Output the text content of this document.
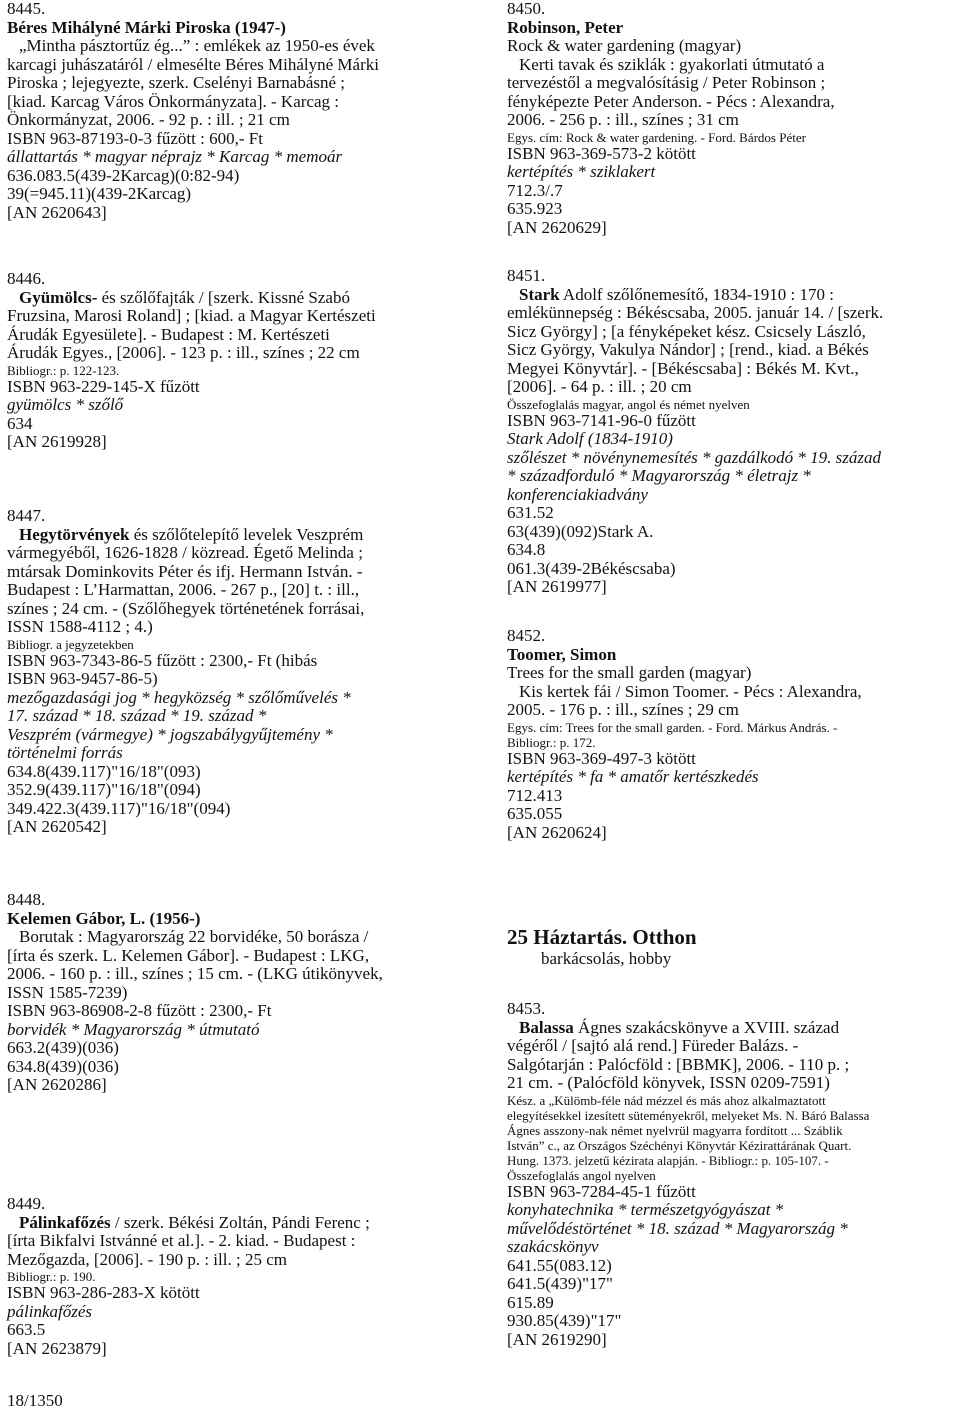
8445.
Béres Mihályné Márki Piroska (1947-)
„Mintha pásztortűz ég...” : emlékek az 1950-es évek
karcagi juhászatáról / elmesélte Béres Mihályné Márki
Piroska ; lejegyezte, szerk. Cselényi Barnabásné ;
[kiad. Karcag Város Önkormányzata]. - Karcag :
Önkormányzat, 2006. - 92 p. : ill. ; 21 cm
ISBN 963-87193-0-3 fűzött : 600,- Ft
állattartás * magyar néprajz * Karcag * memoár
636.083.5(439-2Karcag)(0:82-94)
39(=945.11)(439-2Karcag)
[AN 2620643]
8446.
Gyümölcs- és szőlőfajták / [szerk. Kissné Szabó
Fruzsina, Marosi Roland] ; [kiad. a Magyar Kertészeti
Árudák Egyesülete]. - Budapest : M. Kertészeti
Árudák Egyes., [2006]. - 123 p. : ill., színes ; 22 cm
Bibliogr.: p. 122-123.
ISBN 963-229-145-X fűzött
gyümölcs * szőlő
634
[AN 2619928]
8447.
Hegytörvények és szőlőtelepítő levelek Veszprém
vármegyéből, 1626-1828 / közread. Égető Melinda ;
mtársak Dominkovits Péter és ifj. Hermann István. -
Budapest : L’Harmattan, 2006. - 267 p., [20] t. : ill.,
színes ; 24 cm. - (Szőlőhegyek történetének forrásai,
ISSN 1588-4112 ; 4.)
Bibliogr. a jegyzetekben
ISBN 963-7343-86-5 fűzött : 2300,- Ft (hibás
ISBN 963-9457-86-5)
mezőgazdasági jog * hegyközség * szőlőművelés *
17. század * 18. század * 19. század *
Veszprém (vármegye) * jogszabálygyűjtemény *
történelmi forrás
634.8(439.117)"16/18"(093)
352.9(439.117)"16/18"(094)
349.422.3(439.117)"16/18"(094)
[AN 2620542]
8448.
Kelemen Gábor, L. (1956-)
Borutak : Magyarország 22 borvidéke, 50 borásza /
[írta és szerk. L. Kelemen Gábor]. - Budapest : LKG,
2006. - 160 p. : ill., színes ; 15 cm. - (LKG útikönyvek,
ISSN 1585-7239)
ISBN 963-86908-2-8 fűzött : 2300,- Ft
borvidék * Magyarország * útmutató
663.2(439)(036)
634.8(439)(036)
[AN 2620286]
8449.
Pálinkafőzés / szerk. Békési Zoltán, Pándi Ferenc ;
[írta Bikfalvi Istvánné et al.]. - 2. kiad. - Budapest :
Mezőgazda, [2006]. - 190 p. : ill. ; 25 cm
Bibliogr.: p. 190.
ISBN 963-286-283-X kötött
pálinkafőzés
663.5
[AN 2623879]
8450.
Robinson, Peter
Rock & water gardening (magyar)
Kerti tavak és sziklák : gyakorlati útmutató a
tervezéstől a megvalósításig / Peter Robinson ;
fényképezte Peter Anderson. - Pécs : Alexandra,
2006. - 256 p. : ill., színes ; 31 cm
Egys. cím: Rock & water gardening. - Ford. Bárdos Péter
ISBN 963-369-573-2 kötött
kertépítés * sziklakert
712.3/.7
635.923
[AN 2620629]
8451.
Stark Adolf szőlőnemesítő, 1834-1910 : 170 :
emlékünnepség : Békéscsaba, 2005. január 14. / [szerk.
Sicz György] ; [a fényképeket kész. Csicsely László,
Sicz György, Vakulya Nándor] ; [rend., kiad. a Békés
Megyei Könyvtár]. - [Békéscsaba] : Békés M. Kvt.,
[2006]. - 64 p. : ill. ; 20 cm
Összefoglalás magyar, angol és német nyelven
ISBN 963-7141-96-0 fűzött
Stark Adolf (1834-1910)
szőlészet * növénynemesítés * gazdálkodó * 19. század
* századforduló * Magyarország * életrajz *
konferenciakiadvány
631.52
63(439)(092)Stark A.
634.8
061.3(439-2Békéscsaba)
[AN 2619977]
8452.
Toomer, Simon
Trees for the small garden (magyar)
Kis kertek fái / Simon Toomer. - Pécs : Alexandra,
2005. - 176 p. : ill., színes ; 29 cm
Egys. cím: Trees for the small garden. - Ford. Márkus András. -
Bibliogr.: p. 172.
ISBN 963-369-497-3 kötött
kertépítés * fa * amatőr kertészkedés
712.413
635.055
[AN 2620624]
25 Háztartás. Otthon
barkácsolás, hobby
8453.
Balassa Ágnes szakácskönyve a XVIII. század
végéről / [sajtó alá rend.] Füreder Balázs. -
Salgótarján : Palócföld : [BBMK], 2006. - 110 p. ;
21 cm. - (Palócföld könyvek, ISSN 0209-7591)
Kész. a „Külömb-féle nád mézzel és más ahoz alkalmaztatott
elegyítésekkel izesített süteményekről, melyeket Ms. N. Báró Balassa
Ágnes asszony-nak német nyelvrül magyarra fordított ... Száblik
István” c., az Országos Széchényi Könyvtár Kézirattárának Quart.
Hung. 1373. jelzetű kézirata alapján. - Bibliogr.: p. 105-107. -
Összefoglalás angol nyelven
ISBN 963-7284-45-1 fűzött
konyhatechnika * természetgyógyászat *
művelődéstörténet * 18. század * Magyarország *
szakácskönyv
641.55(083.12)
641.5(439)"17"
615.89
930.85(439)"17"
[AN 2619290]
18/1350
